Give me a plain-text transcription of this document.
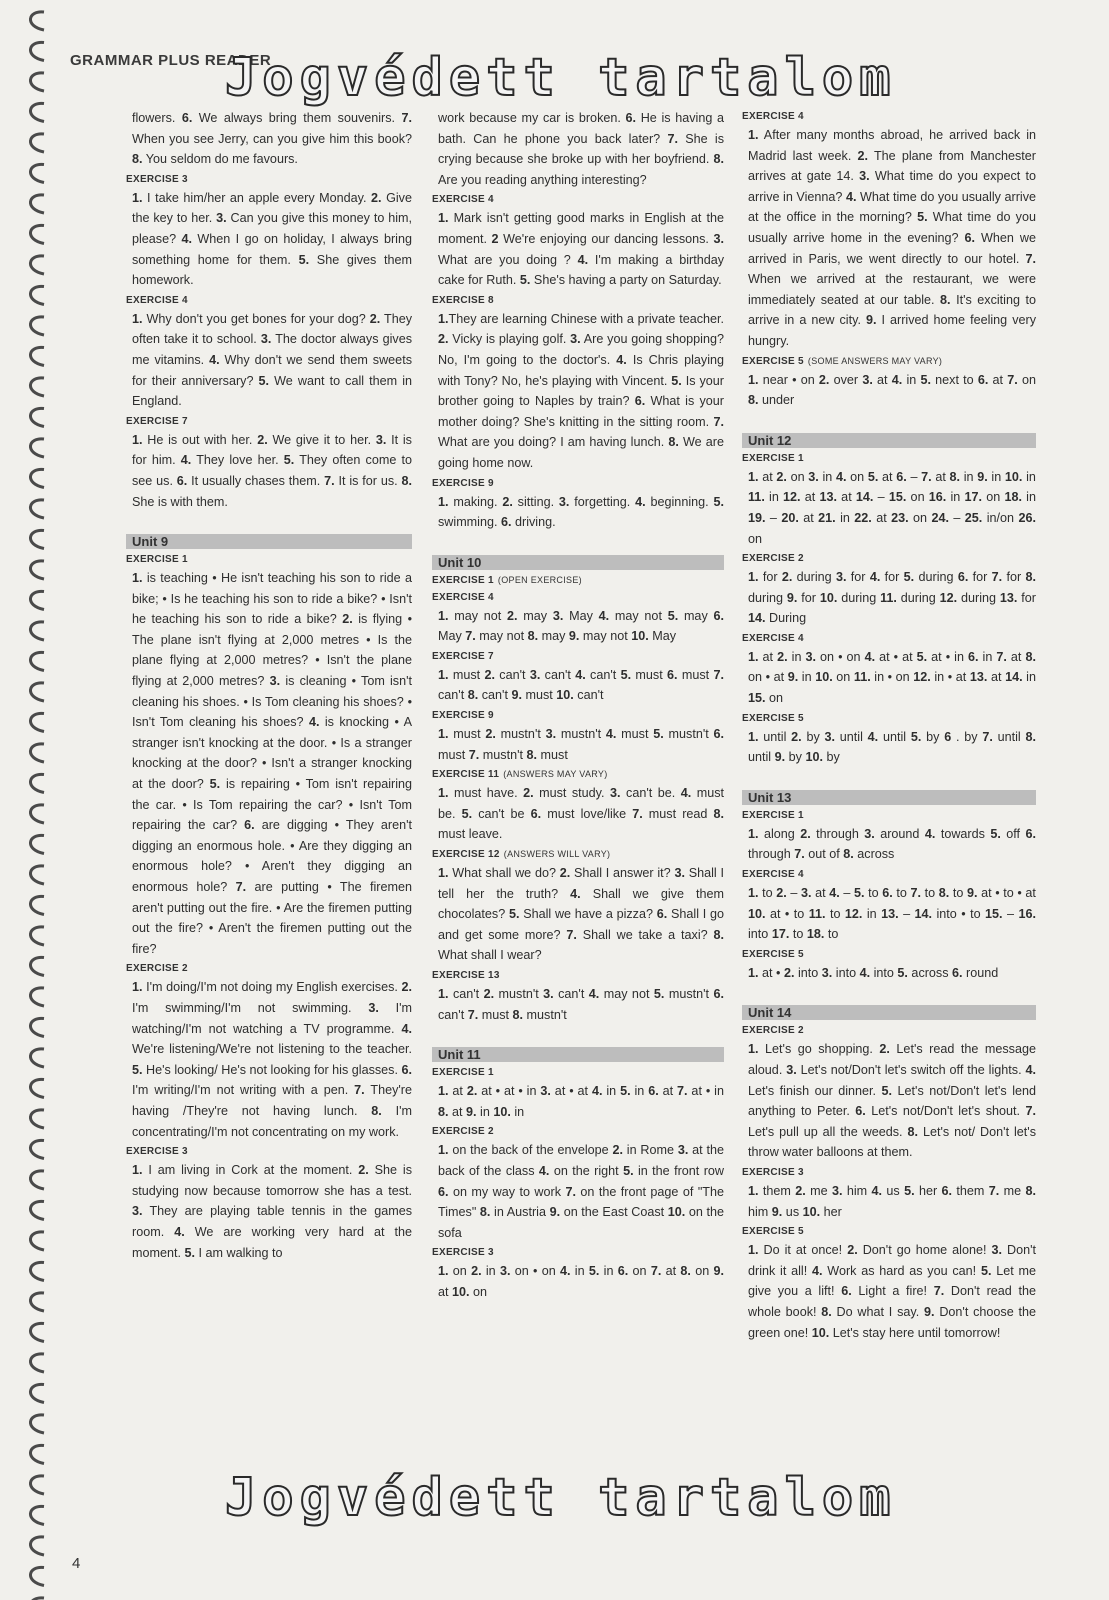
GRAMMAR PLUS READER
flowers. 6. We always bring them souvenirs. 7. When you see Jerry, can you give him this book? 8. You seldom do me favours.
EXERCISE 3
1. I take him/her an apple every Monday. 2. Give the key to her. 3. Can you give this money to him, please? 4. When I go on holiday, I always bring something home for them. 5. She gives them homework.
EXERCISE 4
1. Why don't you get bones for your dog? 2. They often take it to school. 3. The doctor always gives me vitamins. 4. Why don't we send them sweets for their anniversary? 5. We want to call them in England.
EXERCISE 7
1. He is out with her. 2. We give it to her. 3. It is for him. 4. They love her. 5. They often come to see us. 6. It usually chases them. 7. It is for us. 8. She is with them.
Unit 9
EXERCISE 1
1. is teaching • He isn't teaching his son to ride a bike; • Is he teaching his son to ride a bike? • Isn't he teaching his son to ride a bike? 2. is flying • The plane isn't flying at 2,000 metres • Is the plane flying at 2,000 metres? • Isn't the plane flying at 2,000 metres? 3. is cleaning • Tom isn't cleaning his shoes. • Is Tom cleaning his shoes? • Isn't Tom cleaning his shoes? 4. is knocking • A stranger isn't knocking at the door. • Is a stranger knocking at the door? • Isn't a stranger knocking at the door? 5. is repairing • Tom isn't repairing the car. • Is Tom repairing the car? • Isn't Tom repairing the car? 6. are digging • They aren't digging an enormous hole. • Are they digging an enormous hole? • Aren't they digging an enormous hole? 7. are putting • The firemen aren't putting out the fire. • Are the firemen putting out the fire? • Aren't the firemen putting out the fire?
EXERCISE 2
1. I'm doing/I'm not doing my English exercises. 2. I'm swimming/I'm not swimming. 3. I'm watching/I'm not watching a TV programme. 4. We're listening/We're not listening to the teacher. 5. He's looking/ He's not looking for his glasses. 6. I'm writing/I'm not writing with a pen. 7. They're having /They're not having lunch. 8. I'm concentrating/I'm not concentrating on my work.
EXERCISE 3
1. I am living in Cork at the moment. 2. She is studying now because tomorrow she has a test. 3. They are playing table tennis in the games room. 4. We are working very hard at the moment. 5. I am walking to
work because my car is broken. 6. He is having a bath. Can he phone you back later? 7. She is crying because she broke up with her boyfriend. 8. Are you reading anything interesting?
EXERCISE 4
1. Mark isn't getting good marks in English at the moment. 2 We're enjoying our dancing lessons. 3. What are you doing ? 4. I'm making a birthday cake for Ruth. 5. She's having a party on Saturday.
EXERCISE 8
1.They are learning Chinese with a private teacher. 2. Vicky is playing golf. 3. Are you going shopping? No, I'm going to the doctor's. 4. Is Chris playing with Tony? No, he's playing with Vincent. 5. Is your brother going to Naples by train? 6. What is your mother doing? She's knitting in the sitting room. 7. What are you doing? I am having lunch. 8. We are going home now.
EXERCISE 9
1. making. 2. sitting. 3. forgetting. 4. beginning. 5. swimming. 6. driving.
Unit 10
EXERCISE 1 (OPEN EXERCISE)
EXERCISE 4
1. may not 2. may 3. May 4. may not 5. may 6. May 7. may not 8. may 9. may not 10. May
EXERCISE 7
1. must 2. can't 3. can't 4. can't 5. must 6. must 7. can't 8. can't 9. must 10. can't
EXERCISE 9
1. must 2. mustn't 3. mustn't 4. must 5. mustn't 6. must 7. mustn't 8. must
EXERCISE 11 (ANSWERS MAY VARY)
1. must have. 2. must study. 3. can't be. 4. must be. 5. can't be 6. must love/like 7. must read 8. must leave.
EXERCISE 12 (ANSWERS WILL VARY)
1. What shall we do? 2. Shall I answer it? 3. Shall I tell her the truth? 4. Shall we give them chocolates? 5. Shall we have a pizza? 6. Shall I go and get some more? 7. Shall we take a taxi? 8. What shall I wear?
EXERCISE 13
1. can't 2. mustn't 3. can't 4. may not 5. mustn't 6. can't 7. must 8. mustn't
Unit 11
EXERCISE 1
1. at 2. at • at • in 3. at • at 4. in 5. in 6. at 7. at • in 8. at 9. in 10. in
EXERCISE 2
1. on the back of the envelope 2. in Rome 3. at the back of the class 4. on the right 5. in the front row 6. on my way to work 7. on the front page of "The Times" 8. in Austria 9. on the East Coast 10. on the sofa
EXERCISE 3
1. on 2. in 3. on • on 4. in 5. in 6. on 7. at 8. on 9. at 10. on
EXERCISE 4
1. After many months abroad, he arrived back in Madrid last week. 2. The plane from Manchester arrives at gate 14. 3. What time do you expect to arrive in Vienna? 4. What time do you usually arrive at the office in the morning? 5. What time do you usually arrive home in the evening? 6. When we arrived in Paris, we went directly to our hotel. 7. When we arrived at the restaurant, we were immediately seated at our table. 8. It's exciting to arrive in a new city. 9. I arrived home feeling very hungry.
EXERCISE 5 (SOME ANSWERS MAY VARY)
1. near • on 2. over 3. at 4. in 5. next to 6. at 7. on 8. under
Unit 12
EXERCISE 1
1. at 2. on 3. in 4. on 5. at 6. – 7. at 8. in 9. in 10. in 11. in 12. at 13. at 14. – 15. on 16. in 17. on 18. in 19. – 20. at 21. in 22. at 23. on 24. – 25. in/on 26. on
EXERCISE 2
1. for 2. during 3. for 4. for 5. during 6. for 7. for 8. during 9. for 10. during 11. during 12. during 13. for 14. During
EXERCISE 4
1. at 2. in 3. on • on 4. at • at 5. at • in 6. in 7. at 8. on • at 9. in 10. on 11. in • on 12. in • at 13. at 14. in 15. on
EXERCISE 5
1. until 2. by 3. until 4. until 5. by 6 . by 7. until 8. until 9. by 10. by
Unit 13
EXERCISE 1
1. along 2. through 3. around 4. towards 5. off 6. through 7. out of 8. across
EXERCISE 4
1. to 2. – 3. at 4. – 5. to 6. to 7. to 8. to 9. at • to • at 10. at • to 11. to 12. in 13. – 14. into • to 15. – 16. into 17. to 18. to
EXERCISE 5
1. at • 2. into 3. into 4. into 5. across 6. round
Unit 14
EXERCISE 2
1. Let's go shopping. 2. Let's read the message aloud. 3. Let's not/Don't let's switch off the lights. 4. Let's finish our dinner. 5. Let's not/Don't let's lend anything to Peter. 6. Let's not/Don't let's shout. 7. Let's pull up all the weeds. 8. Let's not/ Don't let's throw water balloons at them.
EXERCISE 3
1. them 2. me 3. him 4. us 5. her 6. them 7. me 8. him 9. us 10. her
EXERCISE 5
1. Do it at once! 2. Don't go home alone! 3. Don't drink it all! 4. Work as hard as you can! 5. Let me give you a lift! 6. Light a fire! 7. Don't read the whole book! 8. Do what I say. 9. Don't choose the green one! 10. Let's stay here until tomorrow!
Jogvédett tartalom
Jogvédett tartalom
4
